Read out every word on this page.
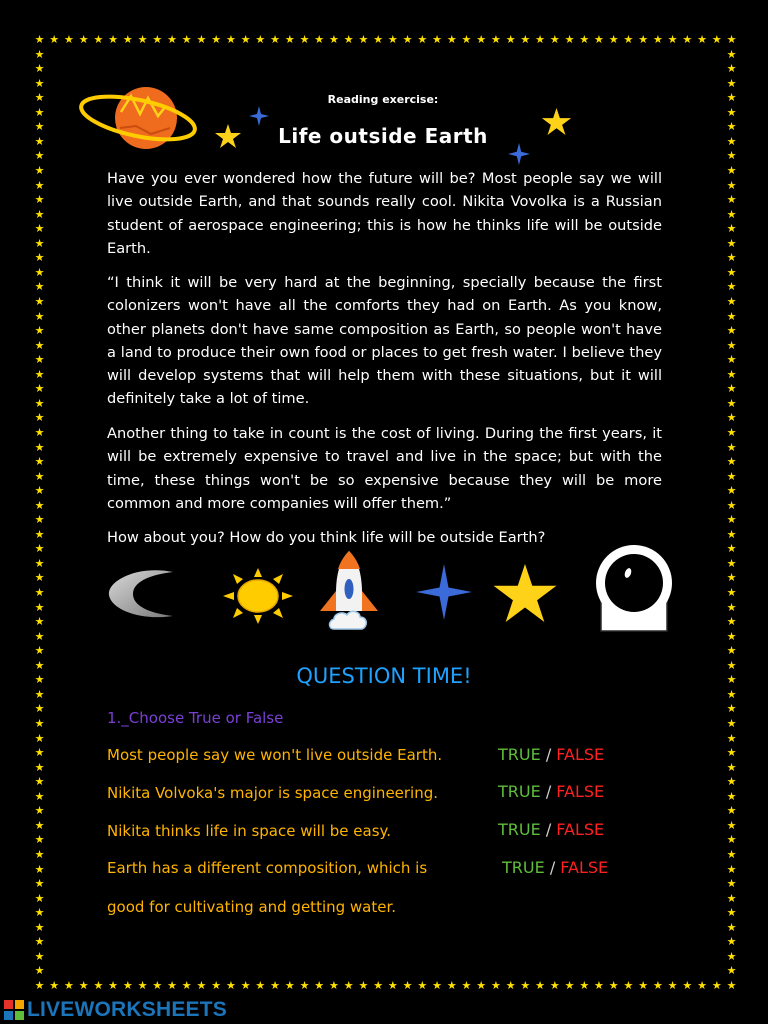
★
★
★
★
★
★
★
★
★
★
★
★
★
★
★
★
★
★
★
★
★
★
★
★
★
★
★
★
★
★
★
★
★
★
★
★
★
★
★
★
★
★
★
★
★
★
★
★
★
★
★
★
★
★
★
★
★
★
★
★
★
★
★
★
★
★
★
★
★
★
★
★
★
★
★
★
★
★
★
★
★
★
★
★
★
★
★
★
★
★
★
★
★
★
★
★
★	★
★	★
★	★
★	★
★	★
★	★
★	★
★	★
★	★
★	★
★	★
★	★
★	★
★	★
★	★
★	★
★	★
★	★
★	★
★	★
★	★
★	★
★	★
★	★
★	★
★	★
★	★
★	★
★	★
★	★
★	★
★	★
★	★
★	★
★	★
★	★
★	★
★	★
★	★
★	★
★	★
★	★
★	★
★	★
★	★
★	★
★	★
★	★
★	★
★	★
★	★
★	★
★	★
★	★
★	★
★	★
★	★
★	★
★	★
★	★
★	★
★	★
★	★
★	★
Reading exercise:
Life outside Earth
Have you ever wondered how the future will be? Most people say we will live outside Earth, and that sounds really cool. Nikita Vovolka is a Russian student of aerospace engineering; this is how he thinks life will be outside Earth.
“I think it will be very hard at the beginning, specially because the first colonizers won't have all the comforts they had on Earth. As you know, other planets don't have same composition as Earth, so people won't have a land to produce their own food or places to get fresh water. I believe they will develop systems that will help them with these situations, but it will definitely take a lot of time.
Another thing to take in count is the cost of living. During the first years, it will be extremely expensive to travel and live in the space; but with the time, these things won't be so expensive because they will be more common and more companies will offer them.”
How about you? How do you think life will be outside Earth?
QUESTION TIME!
1._Choose True or False
Most people say we won't live outside Earth.	TRUE / FALSE
Nikita Volvoka's major is space engineering.	TRUE / FALSE
Nikita thinks life in space will be easy.	TRUE / FALSE
Earth has a different composition, which is	TRUE / FALSE
good for cultivating and getting water.
LIVEWORKSHEETS
